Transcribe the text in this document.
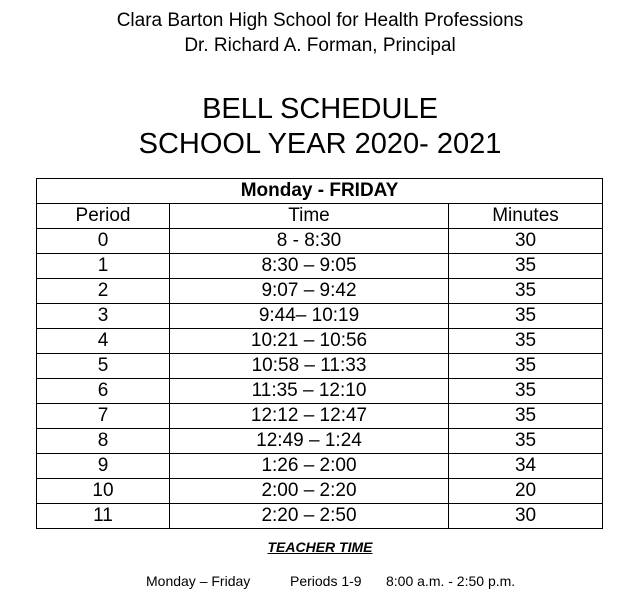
Clara Barton High School for Health Professions
Dr. Richard A. Forman, Principal
BELL SCHEDULE
SCHOOL YEAR 2020- 2021
Monday - FRIDAY		
Period	Time	Minutes
0	8 - 8:30	30
1	8:30 – 9:05	35
2	9:07 – 9:42	35
3	9:44– 10:19	35
4	10:21 – 10:56	35
5	10:58 – 11:33	35
6	11:35 – 12:10	35
7	12:12 – 12:47	35
8	12:49 – 1:24	35
9	1:26 – 2:00	34
10	2:00 – 2:20	20
11	2:20 – 2:50	30
TEACHER TIME
Monday – Friday	Periods 1-9 8:00 a.m. - 2:50 p.m.
